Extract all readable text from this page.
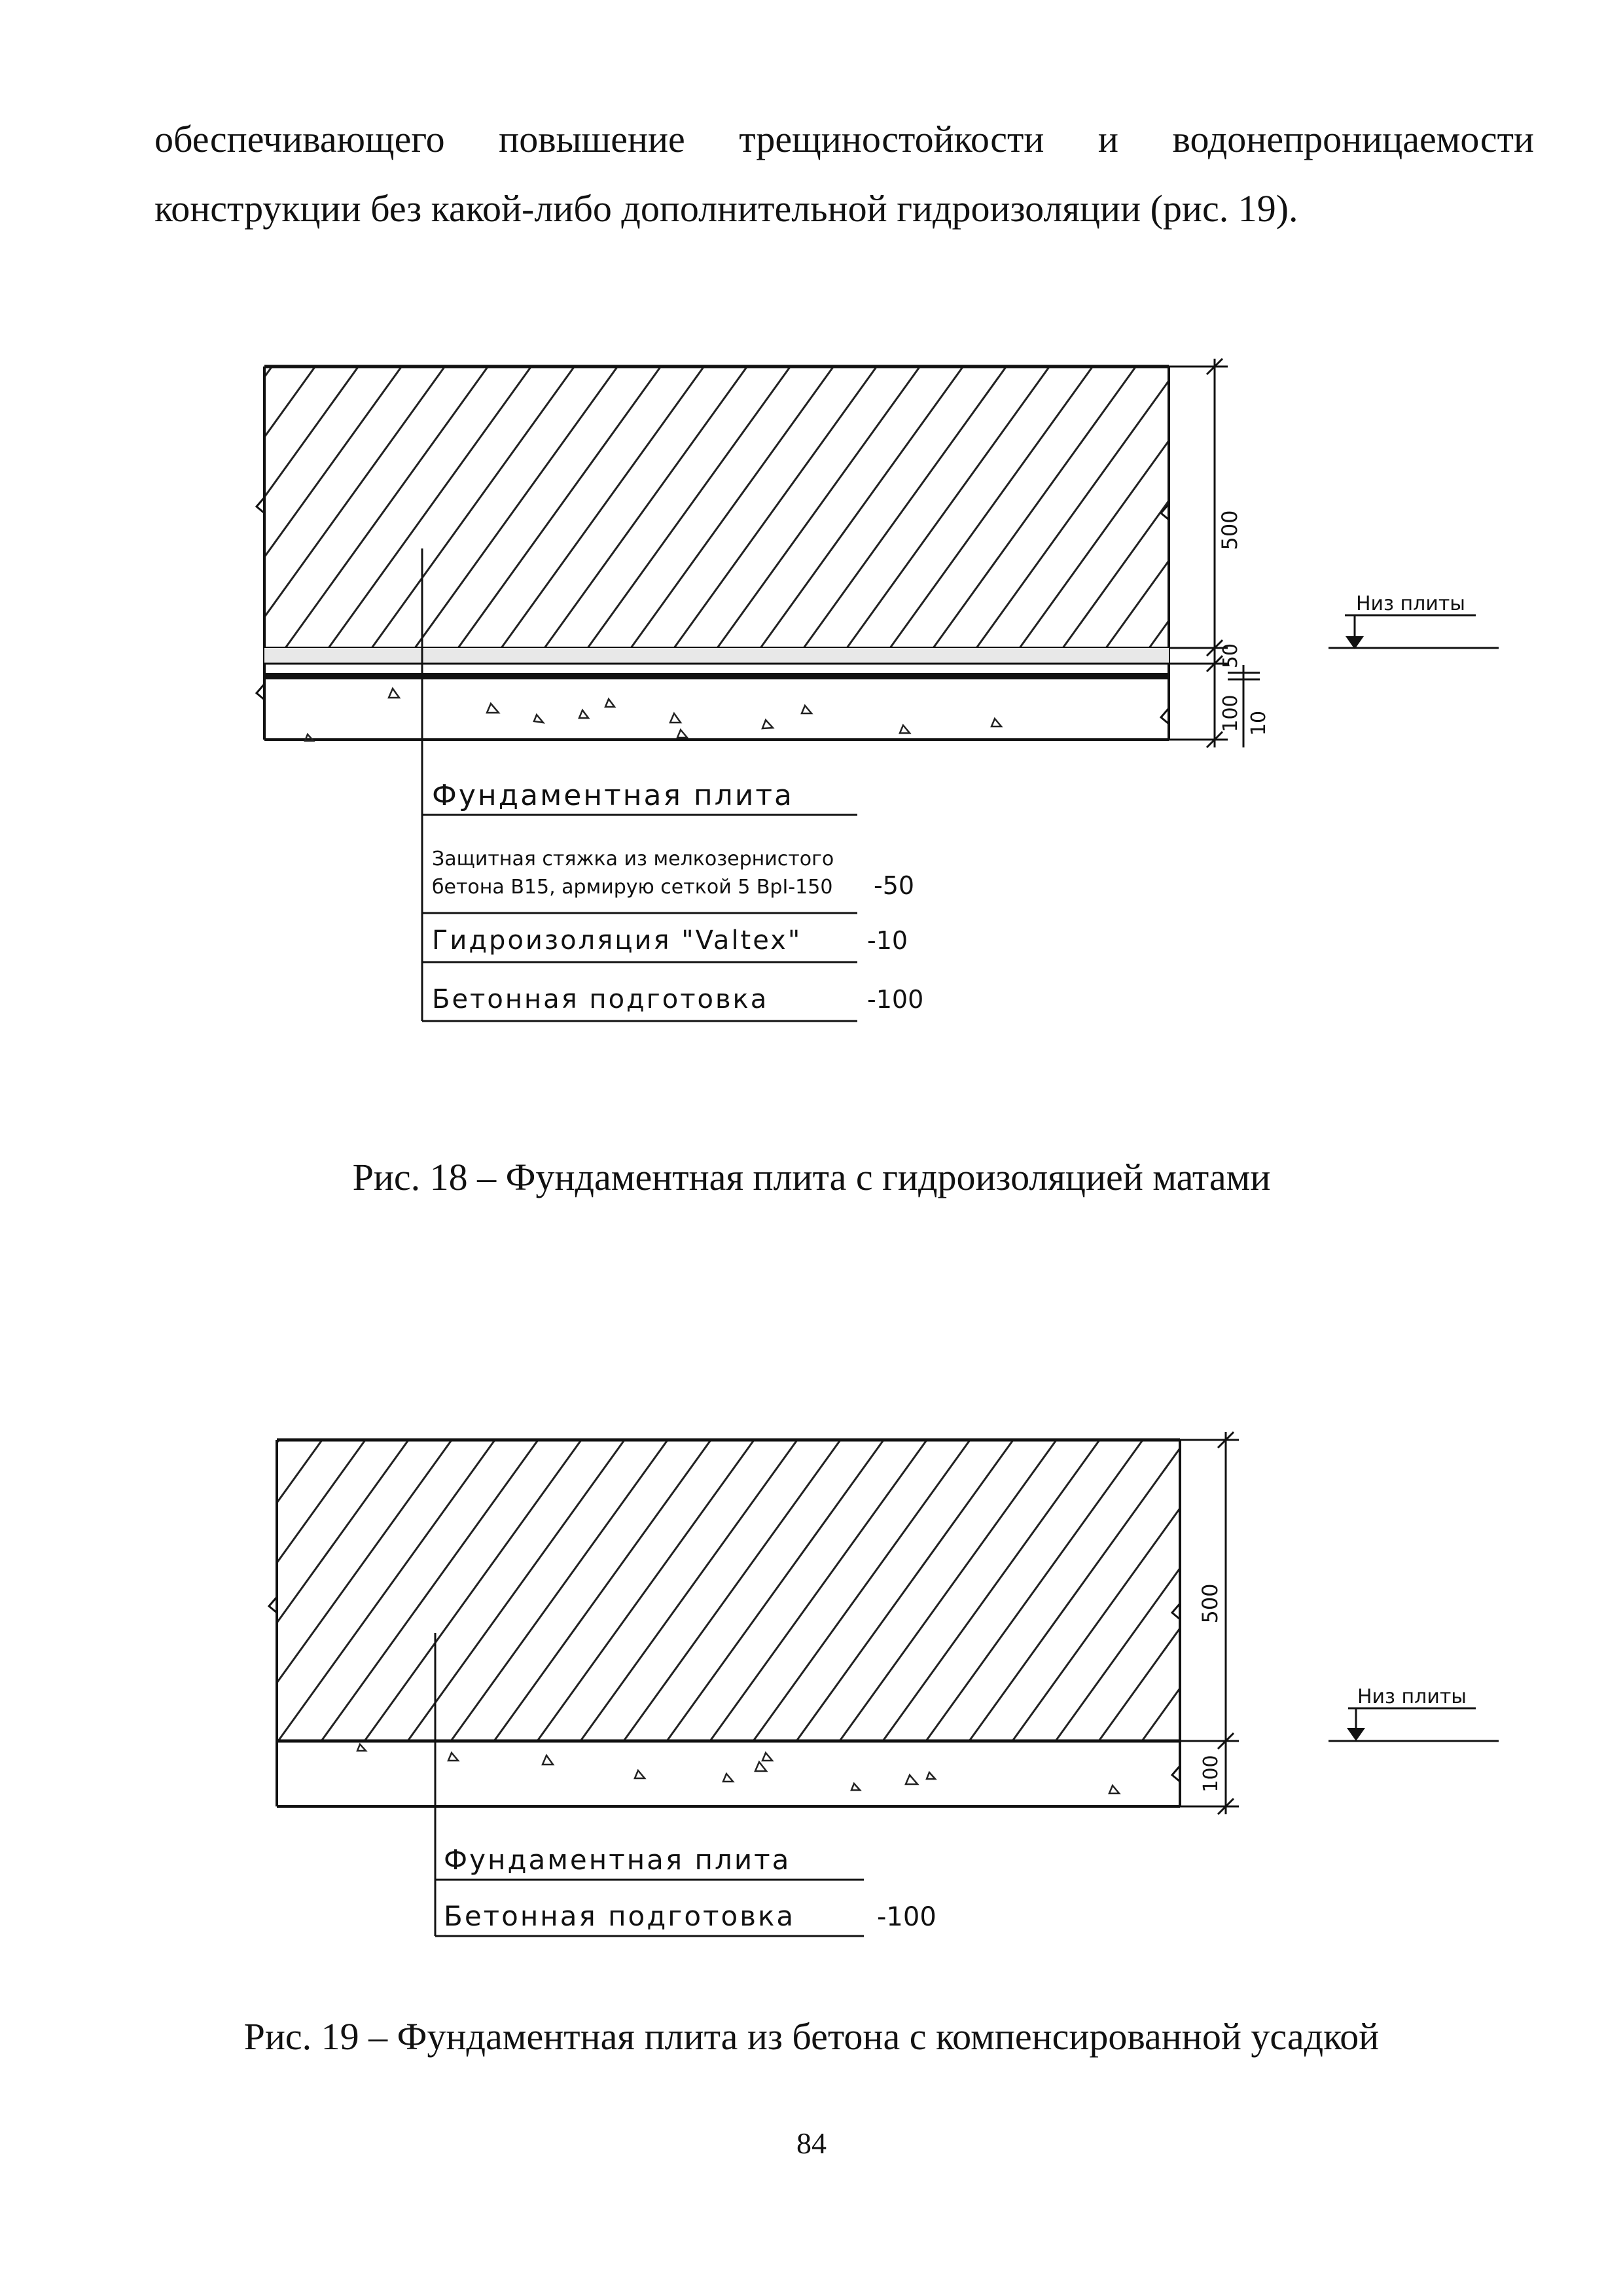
обеспечивающего повышение трещиностойкости и водонепроницаемости
конструкции без какой-либо дополнительной гидроизоляции (рис. 19).

Фундаментная плита
Защитная стяжка из мелкозернистого
бетона B15, армирую сеткой 5 BрI-150 -50
Гидроизоляция "Valtex"	-10
Бетонная подготовка	-100
500
50
100 10
Низ плиты

Рис. 18 – Фундаментная плита с гидроизоляцией матами

Фундаментная плита
Бетонная подготовка	-100
500
100
Низ плиты

Рис. 19 – Фундаментная плита из бетона с компенсированной усадкой

84
